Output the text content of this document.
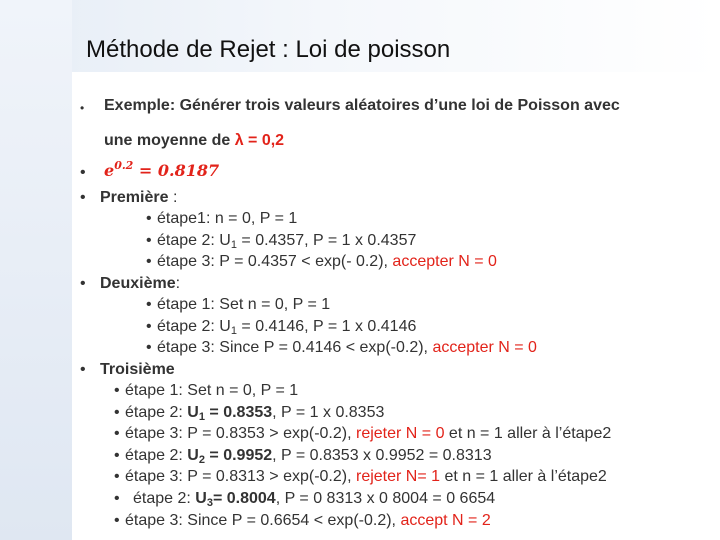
Méthode de Rejet : Loi de poisson
• Exemple: Générer trois valeurs aléatoires d’une loi de Poisson avec
une moyenne de λ = 0,2
• $e^{0.2} = 0.8187$
• Première :
• étape1: n = 0, P = 1
• étape 2: $U_1 = 0.4357$, P = 1 x 0.4357
• étape 3: P = 0.4357 < exp(- 0.2), accepter N = 0
• Deuxième:
• étape 1: Set n = 0, P = 1
• étape 2: $U_1 = 0.4146$, P = 1 x 0.4146
• étape 3: Since P = 0.4146 < exp(-0.2), accepter N = 0
• Troisième
• étape 1: Set n = 0, P = 1
• étape 2: $U_1 = 0.8353$, P = 1 x 0.8353
• étape 3: P = 0.8353 > exp(-0.2), rejeter N = 0 et n = 1 aller à l’étape2
• étape 2: $U_2 = 0.9952$, P = 0.8353 x 0.9952 = 0.8313
• étape 3: P = 0.8313 > exp(-0.2), rejeter N= 1 et n = 1 aller à l’étape2
• étape 2: $U_3= 0.8004$, P = 0 8313 x 0 8004 = 0 6654
• étape 3: Since P = 0.6654 < exp(-0.2), accept N = 2
